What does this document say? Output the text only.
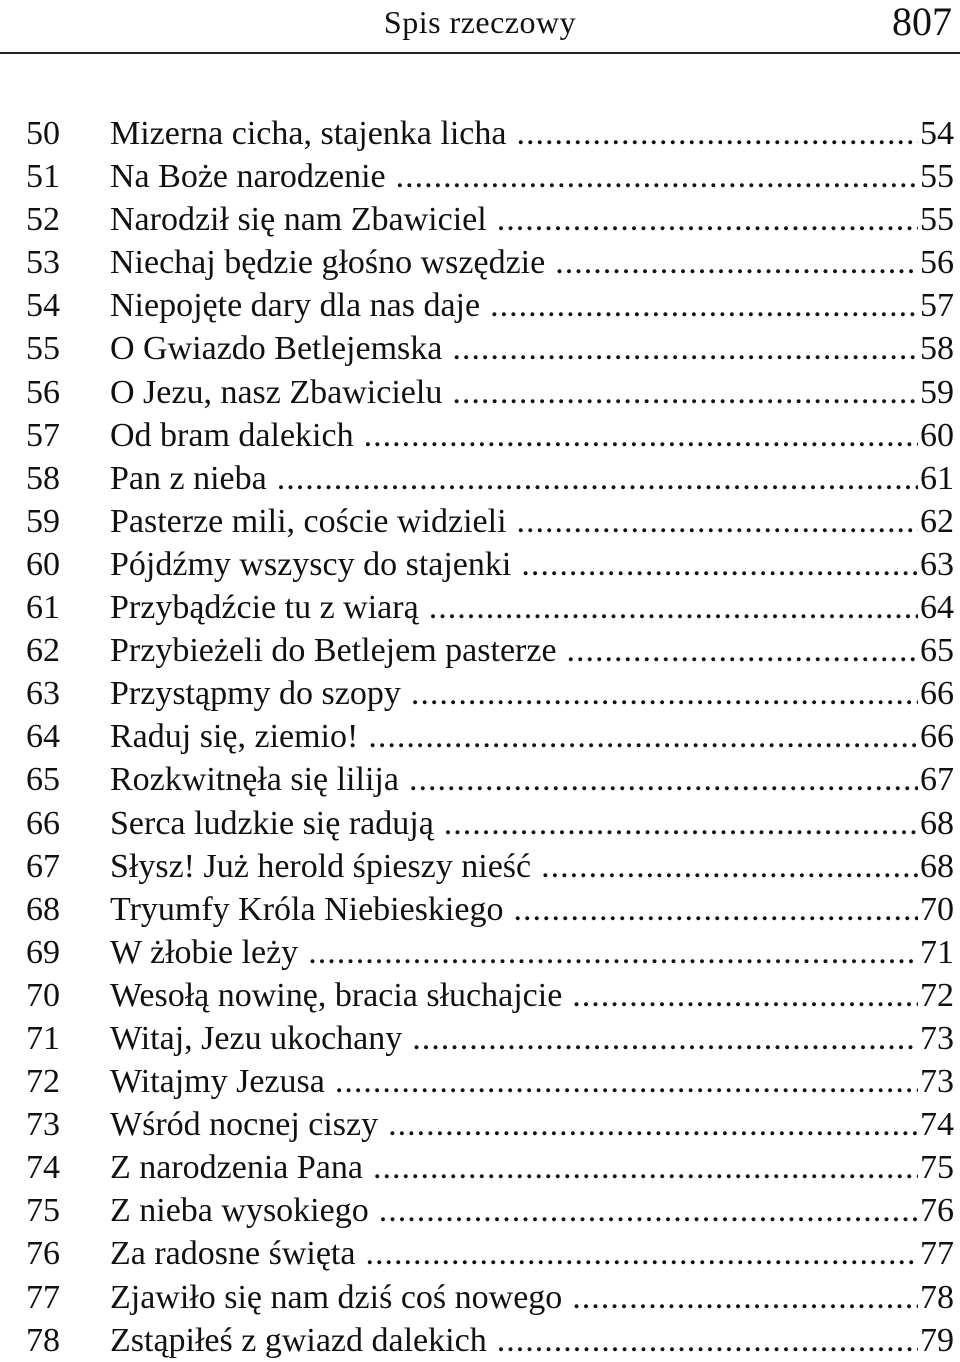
Spis rzeczowy	807
50	Mizerna cicha, stajenka licha .....	54
51	Na Boże narodzenie .....	55
52	Narodził się nam Zbawiciel .....	55
53	Niechaj będzie głośno wszędzie .....	56
54	Niepojęte dary dla nas daje .....	57
55	O Gwiazdo Betlejemska .....	58
56	O Jezu, nasz Zbawicielu .....	59
57	Od bram dalekich .....	60
58	Pan z nieba .....	61
59	Pasterze mili, coście widzieli .....	62
60	Pójdźmy wszyscy do stajenki .....	63
61	Przybądźcie tu z wiarą .....	64
62	Przybieżeli do Betlejem pasterze .....	65
63	Przystąpmy do szopy .....	66
64	Raduj się, ziemio! .....	66
65	Rozkwitnęła się lilija .....	67
66	Serca ludzkie się radują .....	68
67	Słysz! Już herold śpieszy nieść .....	68
68	Tryumfy Króla Niebieskiego .....	70
69	W żłobie leży .....	71
70	Wesołą nowinę, bracia słuchajcie .....	72
71	Witaj, Jezu ukochany .....	73
72	Witajmy Jezusa .....	73
73	Wśród nocnej ciszy .....	74
74	Z narodzenia Pana .....	75
75	Z nieba wysokiego .....	76
76	Za radosne święta .....	77
77	Zjawiło się nam dziś coś nowego .....	78
78	Zstąpiłeś z gwiazd dalekich .....	79
